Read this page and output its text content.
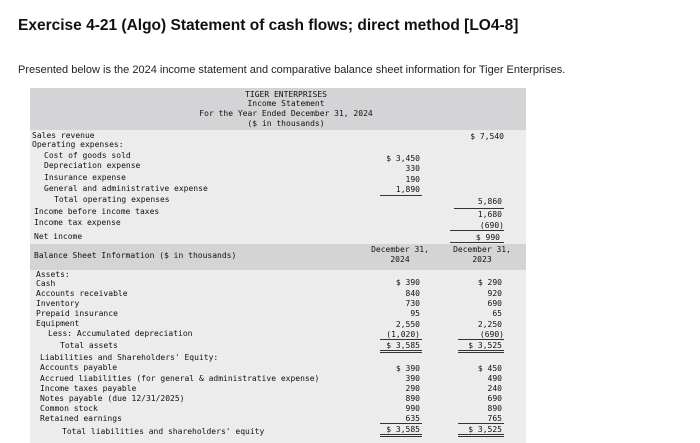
Exercise 4-21 (Algo) Statement of cash flows; direct method [LO4-8]
Presented below is the 2024 income statement and comparative balance sheet information for Tiger Enterprises.
TIGER ENTERPRISES
Income Statement
For the Year Ended December 31, 2024
($ in thousands)
Sales revenue	$ 7,540
Operating expenses:
Cost of goods sold	$ 3,450
Depreciation expense	330
Insurance expense	190
General and administrative expense	1,890
Total operating expenses	5,860
Income before income taxes	1,680
Income tax expense	(690)
Net income	$ 990
Balance Sheet Information ($ in thousands)
December 31,
2024
December 31,
2023
Assets:
Cash	$ 390	$ 290
Accounts receivable	840	920
Inventory	730	690
Prepaid insurance	95	65
Equipment	2,550	2,250
Less: Accumulated depreciation	(1,020)	(690)
Total assets	$ 3,585	$ 3,525
Liabilities and Shareholders' Equity:
Accounts payable	$ 390	$ 450
Accrued liabilities (for general & administrative expense)	390	490
Income taxes payable	290	240
Notes payable (due 12/31/2025)	890	690
Common stock	990	890
Retained earnings	635	765
Total liabilities and shareholders' equity	$ 3,585	$ 3,525
